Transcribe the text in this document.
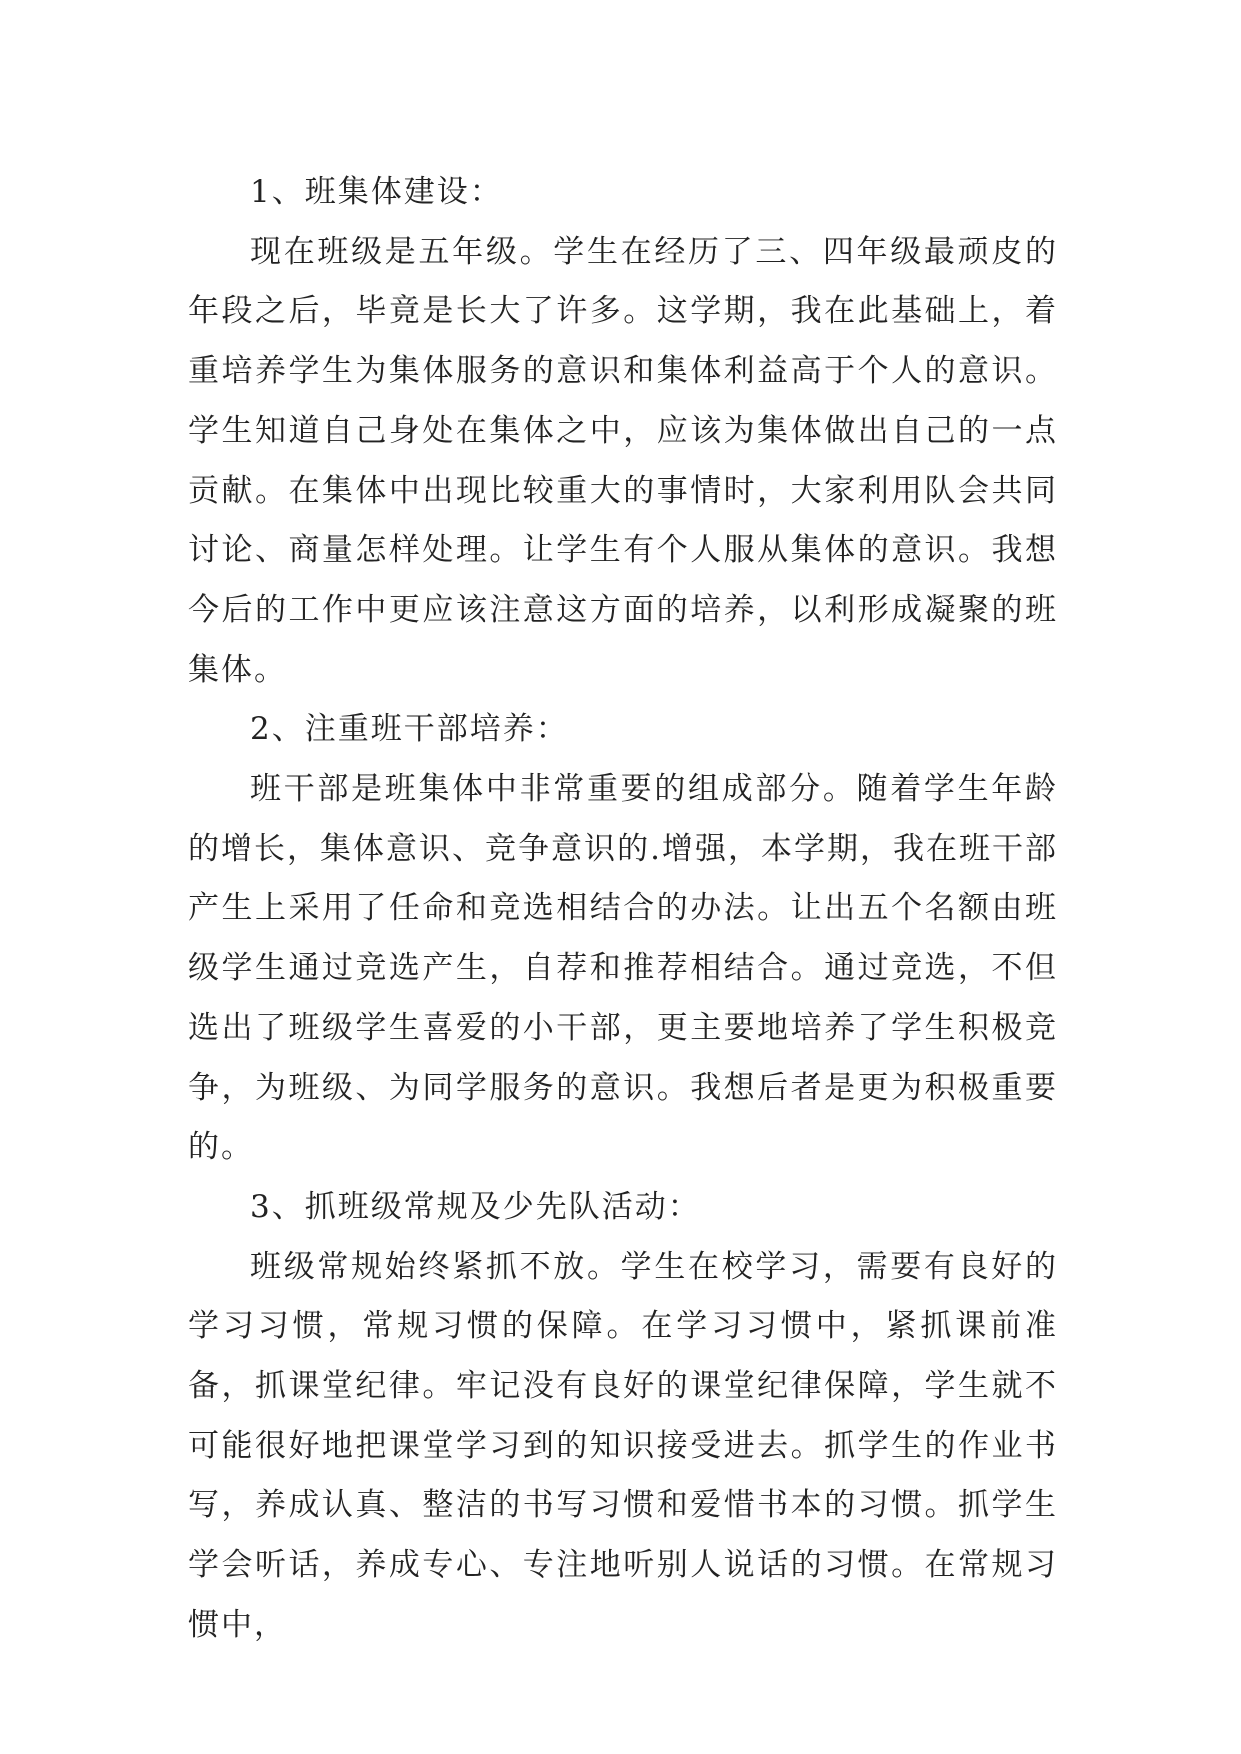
1、班集体建设：

现在班级是五年级。学生在经历了三、四年级最顽皮的年段之后，毕竟是长大了许多。这学期，我在此基础上，着重培养学生为集体服务的意识和集体利益高于个人的意识。学生知道自己身处在集体之中，应该为集体做出自己的一点贡献。在集体中出现比较重大的事情时，大家利用队会共同讨论、商量怎样处理。让学生有个人服从集体的意识。我想今后的工作中更应该注意这方面的培养，以利形成凝聚的班集体。

2、注重班干部培养：

班干部是班集体中非常重要的组成部分。随着学生年龄的增长，集体意识、竞争意识的.增强，本学期，我在班干部产生上采用了任命和竞选相结合的办法。让出五个名额由班级学生通过竞选产生，自荐和推荐相结合。通过竞选，不但选出了班级学生喜爱的小干部，更主要地培养了学生积极竞争，为班级、为同学服务的意识。我想后者是更为积极重要的。

3、抓班级常规及少先队活动：

班级常规始终紧抓不放。学生在校学习，需要有良好的学习习惯，常规习惯的保障。在学习习惯中，紧抓课前准备，抓课堂纪律。牢记没有良好的课堂纪律保障，学生就不可能很好地把课堂学习到的知识接受进去。抓学生的作业书写，养成认真、整洁的书写习惯和爱惜书本的习惯。抓学生学会听话，养成专心、专注地听别人说话的习惯。在常规习惯中，
